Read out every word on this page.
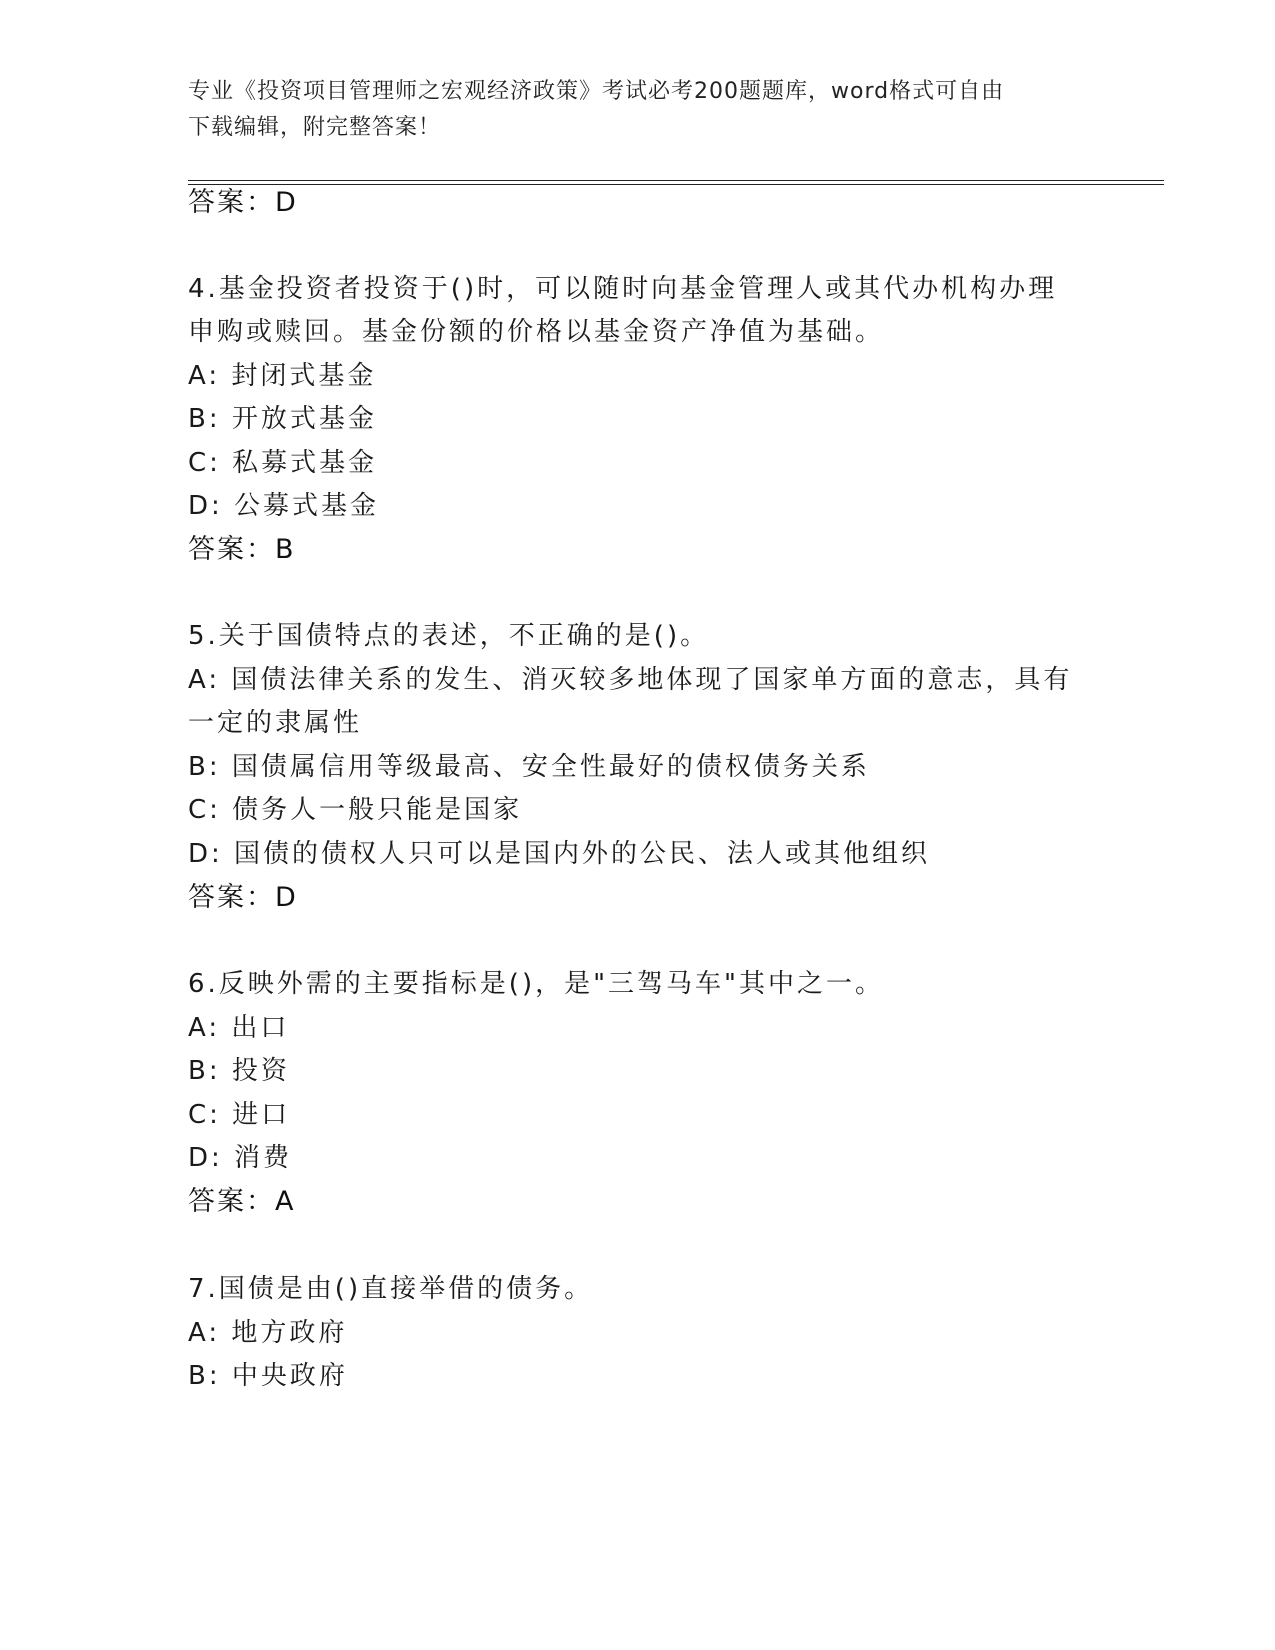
专业《投资项目管理师之宏观经济政策》考试必考200题题库，word格式可自由
下载编辑，附完整答案！
答案：D
4.基金投资者投资于()时，可以随时向基金管理人或其代办机构办理
申购或赎回。基金份额的价格以基金资产净值为基础。
A: 封闭式基金
B: 开放式基金
C: 私募式基金
D: 公募式基金
答案：B
5.关于国债特点的表述，不正确的是()。
A: 国债法律关系的发生、消灭较多地体现了国家单方面的意志，具有
一定的隶属性
B: 国债属信用等级最高、安全性最好的债权债务关系
C: 债务人一般只能是国家
D: 国债的债权人只可以是国内外的公民、法人或其他组织
答案：D
6.反映外需的主要指标是()，是"三驾马车"其中之一。
A: 出口
B: 投资
C: 进口
D: 消费
答案：A
7.国债是由()直接举借的债务。
A: 地方政府
B: 中央政府
